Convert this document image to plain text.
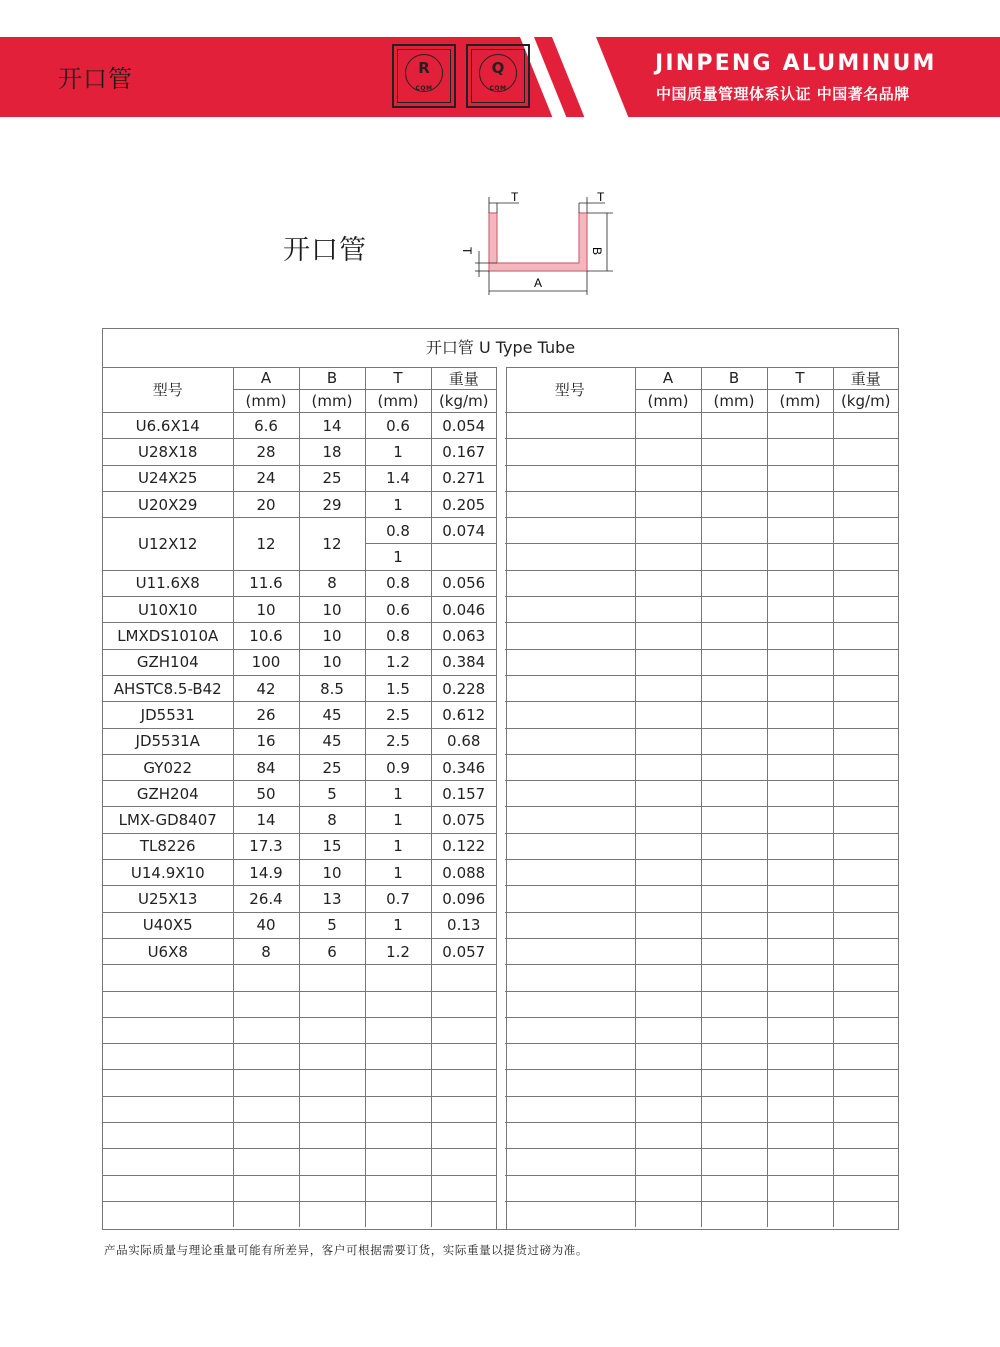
开口管
JINPENG ALUMINUM
中国质量管理体系认证 中国著名品牌
R
CQM
Q
CQM
开口管
T	T
B
T
A
开口管 U Type Tube
型号	A	B	T	重量
	(mm)	(mm)	(mm)	(kg/m)
U6.6X14	6.6	14	0.6	0.054
U28X18	28	18	1	0.167
U24X25	24	25	1.4	0.271
U20X29	20	29	1	0.205
U12X12	12	12	0.8	0.074
			1	
U11.6X8	11.6	8	0.8	0.056
U10X10	10	10	0.6	0.046
LMXDS1010A	10.6	10	0.8	0.063
GZH104	100	10	1.2	0.384
AHSTC8.5-B42	42	8.5	1.5	0.228
JD5531	26	45	2.5	0.612
JD5531A	16	45	2.5	0.68
GY022	84	25	0.9	0.346
GZH204	50	5	1	0.157
LMX-GD8407	14	8	1	0.075
TL8226	17.3	15	1	0.122
U14.9X10	14.9	10	1	0.088
U25X13	26.4	13	0.7	0.096
U40X5	40	5	1	0.13
U6X8	8	6	1.2	0.057

型号	A	B	T	重量
	(mm)	(mm)	(mm)	(kg/m)

产品实际质量与理论重量可能有所差异，客户可根据需要订货，实际重量以提货过磅为准。
